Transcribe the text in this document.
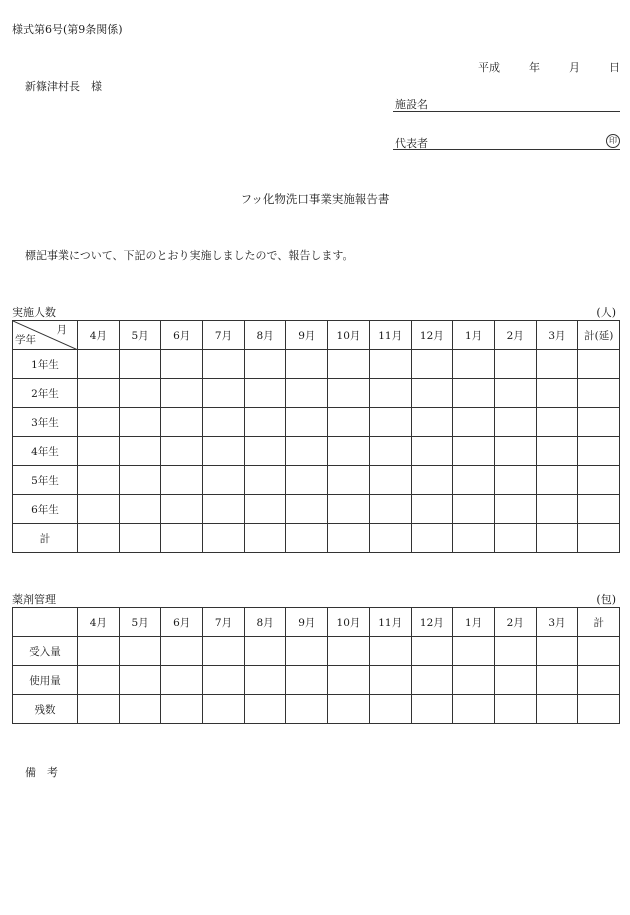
様式第6号(第9条関係)
平成	年	月	日
新篠津村長　様
施設名
代表者	印
フッ化物洗口事業実施報告書
標記事業について、下記のとおり実施しましたので、報告します。
実施人数	(人)
月
学年	4月	5月	6月	7月	8月	9月	10月	11月	12月	1月	2月	3月	計(延)
1年生													
2年生													
3年生													
4年生													
5年生													
6年生													
計													
薬剤管理	(包)
	4月	5月	6月	7月	8月	9月	10月	11月	12月	1月	2月	3月	計
受入量													
使用量													
残数													
備　考
